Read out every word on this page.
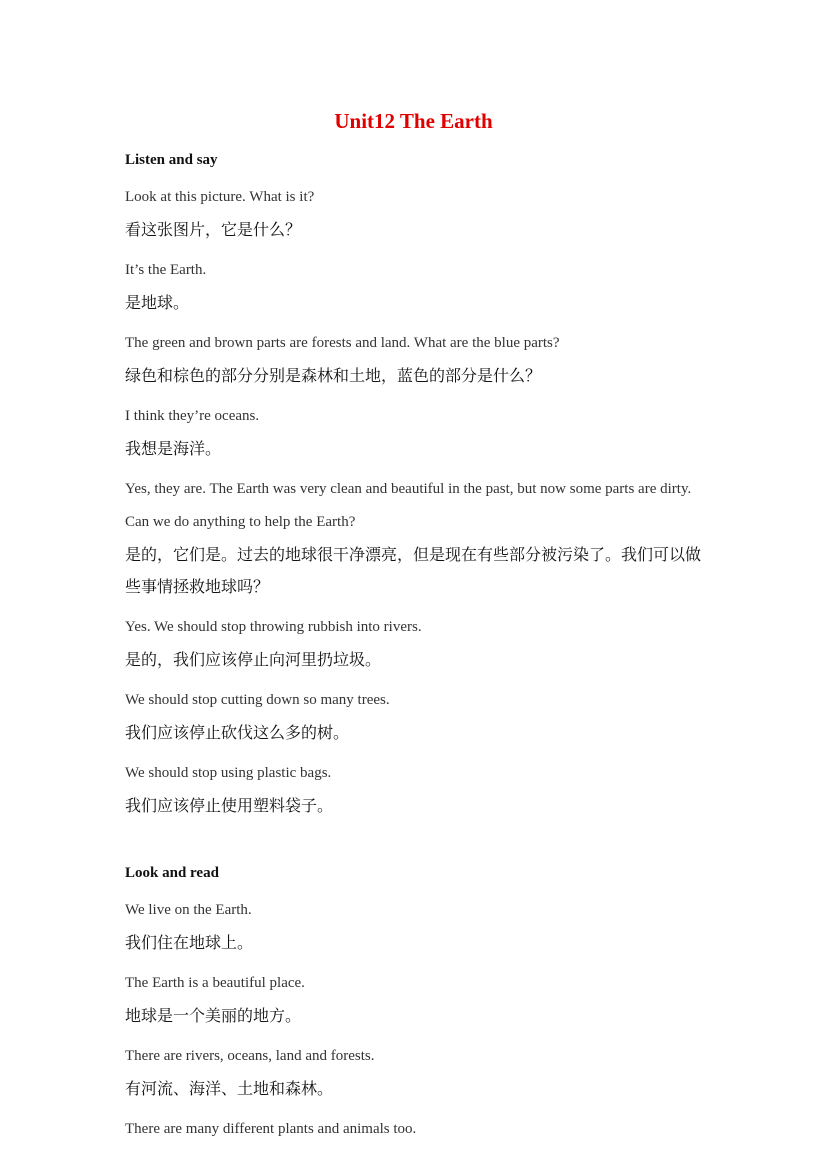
Unit12 The Earth
Listen and say

Look at this picture. What is it?

看这张图片，它是什么？

It’s the Earth.

是地球。

The green and brown parts are forests and land. What are the blue parts?

绿色和棕色的部分分别是森林和土地，蓝色的部分是什么？

I think they’re oceans.

我想是海洋。

Yes, they are. The Earth was very clean and beautiful in the past, but now some parts are dirty. Can we do anything to help the Earth?

是的，它们是。过去的地球很干净漂亮，但是现在有些部分被污染了。我们可以做些事情拯救地球吗？

Yes. We should stop throwing rubbish into rivers.

是的，我们应该停止向河里扔垃圾。

We should stop cutting down so many trees.

我们应该停止砍伐这么多的树。

We should stop using plastic bags.

我们应该停止使用塑料袋子。

Look and read

We live on the Earth.

我们住在地球上。

The Earth is a beautiful place.

地球是一个美丽的地方。

There are rivers, oceans, land and forests.

有河流、海洋、土地和森林。

There are many different plants and animals too.
